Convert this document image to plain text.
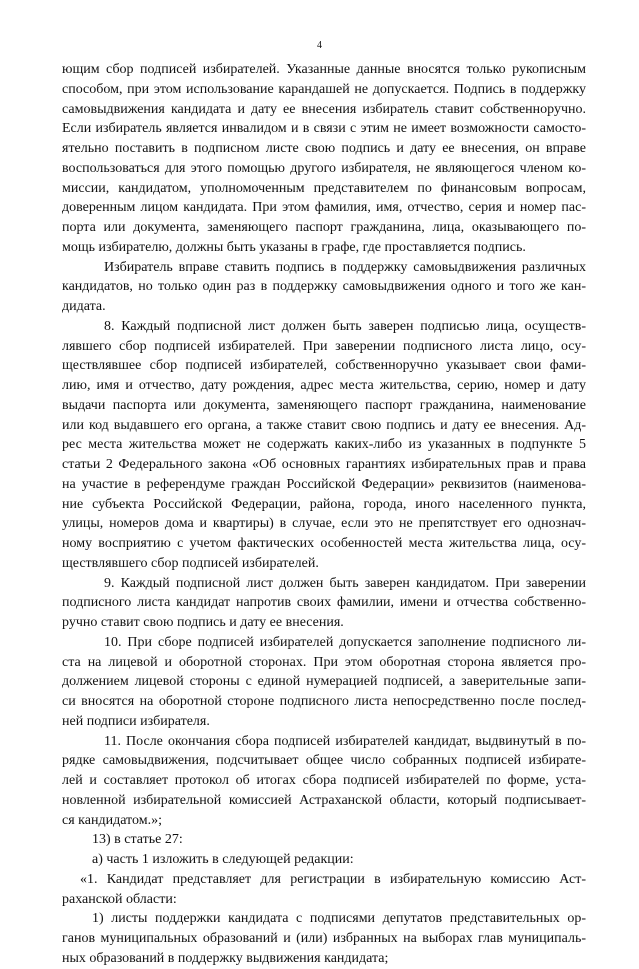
4
ющим сбор подписей избирателей. Указанные данные вносятся только рукописным
способом, при этом использование карандашей не допускается. Подпись в поддержку
самовыдвижения кандидата и дату ее внесения избиратель ставит собственноручно.
Если избиратель является инвалидом и в связи с этим не имеет возможности самосто-
ятельно поставить в подписном листе свою подпись и дату ее внесения, он вправе
воспользоваться для этого помощью другого избирателя, не являющегося членом ко-
миссии, кандидатом, уполномоченным представителем по финансовым вопросам,
доверенным лицом кандидата. При этом фамилия, имя, отчество, серия и номер пас-
порта или документа, заменяющего паспорт гражданина, лица, оказывающего по-
мощь избирателю, должны быть указаны в графе, где проставляется подпись.
Избиратель вправе ставить подпись в поддержку самовыдвижения различных
кандидатов, но только один раз в поддержку самовыдвижения одного и того же кан-
дидата.
8. Каждый подписной лист должен быть заверен подписью лица, осуществ-
лявшего сбор подписей избирателей. При заверении подписного листа лицо, осу-
ществлявшее сбор подписей избирателей, собственноручно указывает свои фами-
лию, имя и отчество, дату рождения, адрес места жительства, серию, номер и дату
выдачи паспорта или документа, заменяющего паспорт гражданина, наименование
или код выдавшего его органа, а также ставит свою подпись и дату ее внесения. Ад-
рес места жительства может не содержать каких-либо из указанных в подпункте 5
статьи 2 Федерального закона «Об основных гарантиях избирательных прав и права
на участие в референдуме граждан Российской Федерации» реквизитов (наименова-
ние субъекта Российской Федерации, района, города, иного населенного пункта,
улицы, номеров дома и квартиры) в случае, если это не препятствует его однознач-
ному восприятию с учетом фактических особенностей места жительства лица, осу-
ществлявшего сбор подписей избирателей.
9. Каждый подписной лист должен быть заверен кандидатом. При заверении
подписного листа кандидат напротив своих фамилии, имени и отчества собственно-
ручно ставит свою подпись и дату ее внесения.
10. При сборе подписей избирателей допускается заполнение подписного ли-
ста на лицевой и оборотной сторонах. При этом оборотная сторона является про-
должением лицевой стороны с единой нумерацией подписей, а заверительные запи-
си вносятся на оборотной стороне подписного листа непосредственно после послед-
ней подписи избирателя.
11. После окончания сбора подписей избирателей кандидат, выдвинутый в по-
рядке самовыдвижения, подсчитывает общее число собранных подписей избирате-
лей и составляет протокол об итогах сбора подписей избирателей по форме, уста-
новленной избирательной комиссией Астраханской области, который подписывает-
ся кандидатом.»;
13) в статье 27:
а) часть 1 изложить в следующей редакции:
«1. Кандидат представляет для регистрации в избирательную комиссию Аст-
раханской области:
1) листы поддержки кандидата с подписями депутатов представительных ор-
ганов муниципальных образований и (или) избранных на выборах глав муниципаль-
ных образований в поддержку выдвижения кандидата;
